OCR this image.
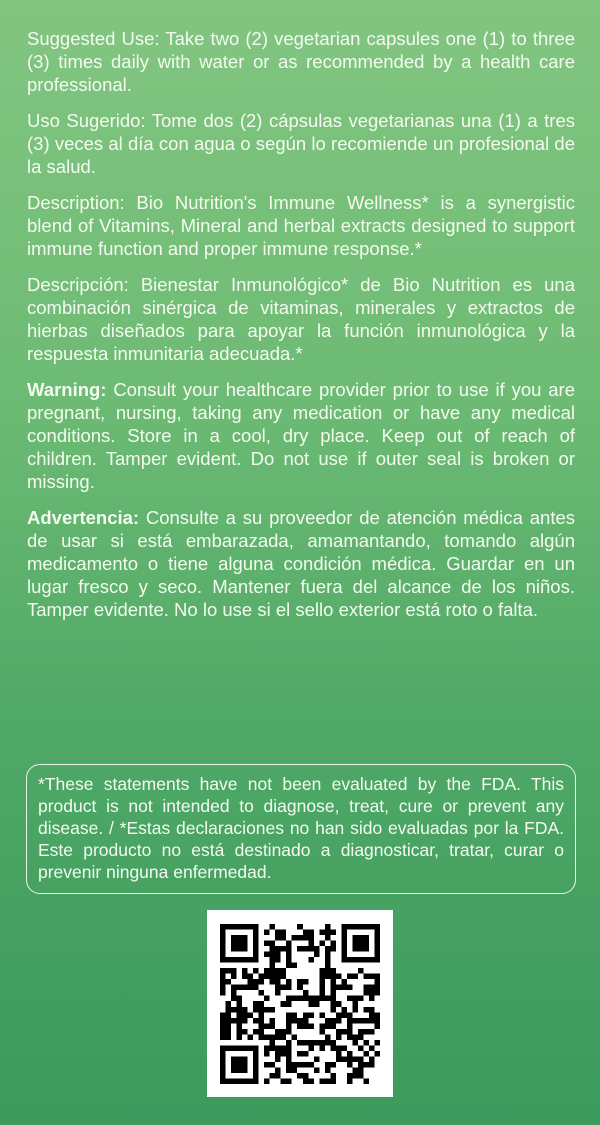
Suggested Use: Take two (2) vegetarian capsules one (1) to three (3) times daily with water or as recommended by a health care professional.

Uso Sugerido: Tome dos (2) cápsulas vegetarianas una (1) a tres (3) veces al día con agua o según lo recomiende un profesional de la salud.

Description: Bio Nutrition's Immune Wellness* is a synergistic blend of Vitamins, Mineral and herbal extracts designed to support immune function and proper immune response.*

Descripción: Bienestar Inmunológico* de Bio Nutrition es una combinación sinérgica de vitaminas, minerales y extractos de hierbas diseñados para apoyar la función inmunológica y la respuesta inmunitaria adecuada.*

Warning: Consult your healthcare provider prior to use if you are pregnant, nursing, taking any medication or have any medical conditions. Store in a cool, dry place. Keep out of reach of children. Tamper evident. Do not use if outer seal is broken or missing.

Advertencia: Consulte a su proveedor de atención médica antes de usar si está embarazada, amamantando, tomando algún medicamento o tiene alguna condición médica. Guardar en un lugar fresco y seco. Mantener fuera del alcance de los niños. Tamper evidente. No lo use si el sello exterior está roto o falta.

*These statements have not been evaluated by the FDA. This product is not intended to diagnose, treat, cure or prevent any disease. / *Estas declaraciones no han sido evaluadas por la FDA. Este producto no está destinado a diagnosticar, tratar, curar o prevenir ninguna enfermedad.
